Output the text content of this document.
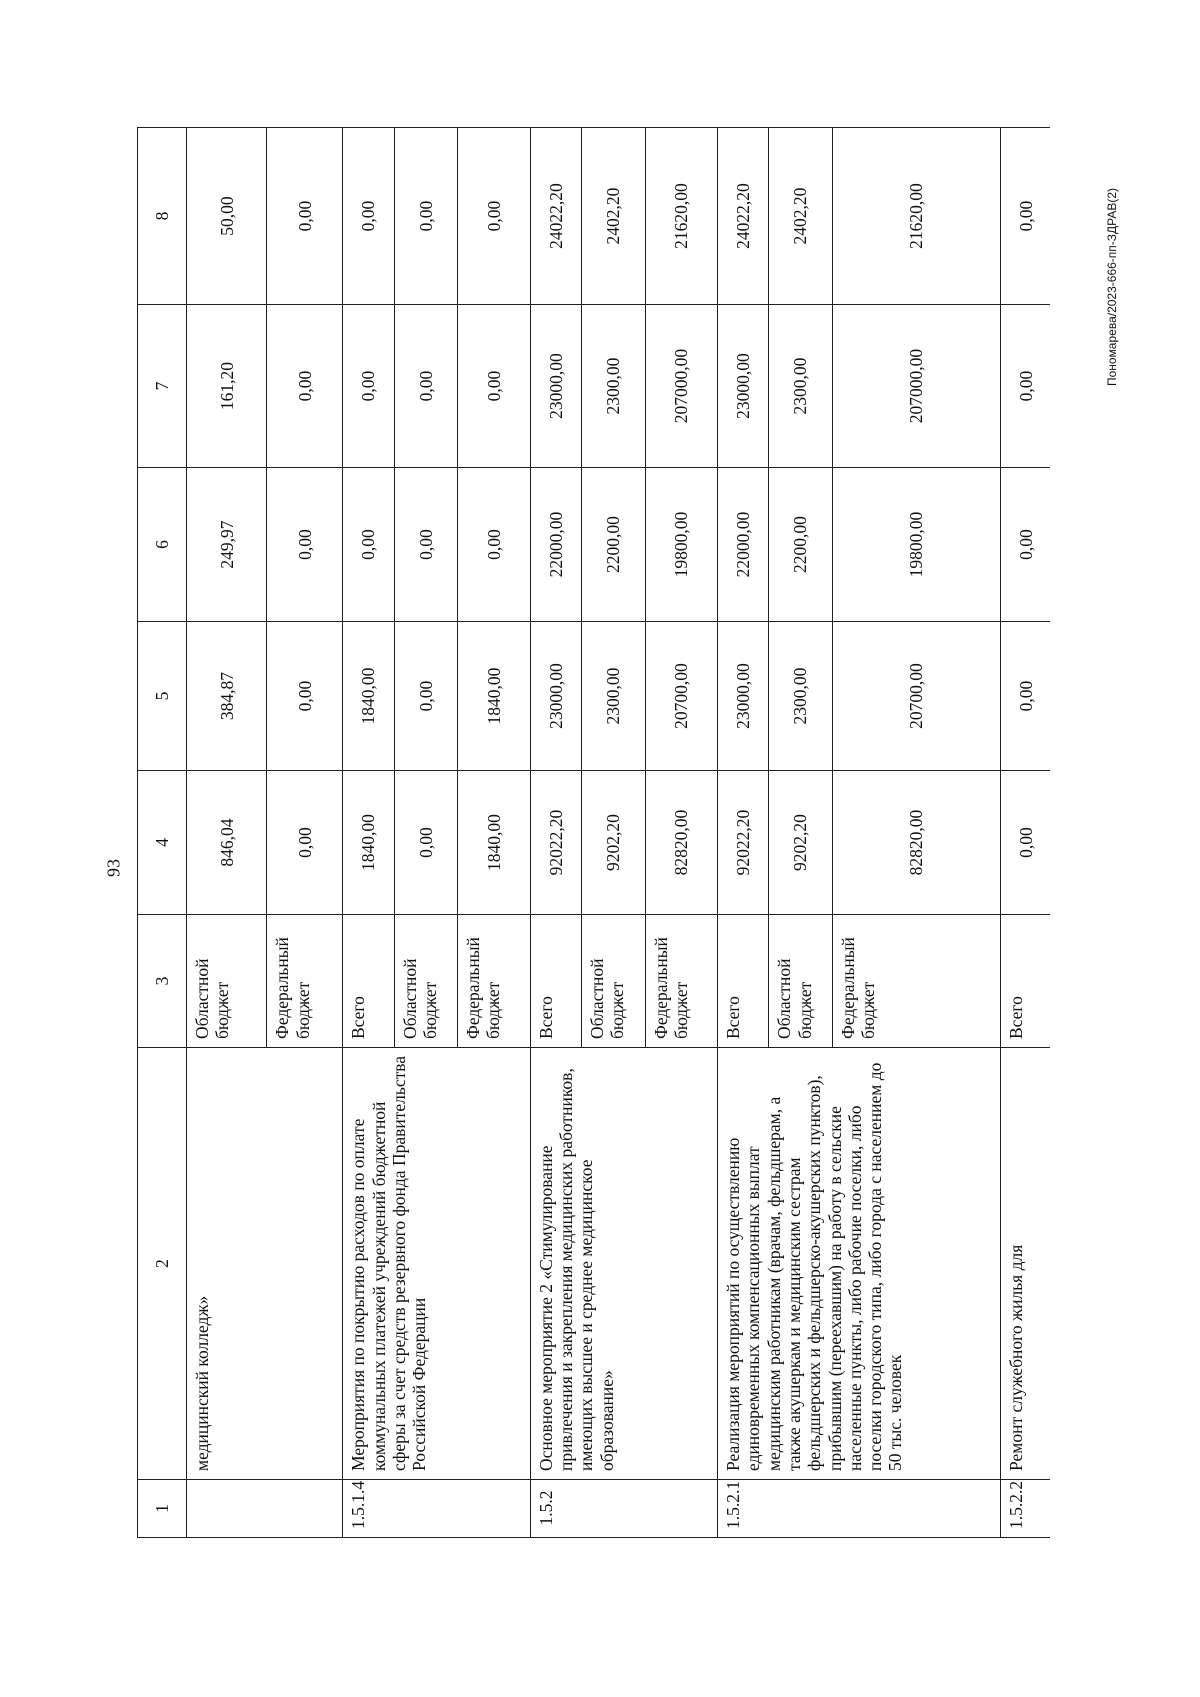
93
Пономарева/2023-666-пп-ЗДРАВ(2)
1	2	3	4	5	6	7	8
	медицинский колледж»	Областной бюджет	846,04	384,87	249,97	161,20	50,00
		Федеральный бюджет	0,00	0,00	0,00	0,00	0,00
1.5.1.4	Мероприятия по покрытию расходов по оплате коммунальных платежей учреждений бюджетной сферы за счет средств резервного фонда Правительства Российской Федерации	Всего	1840,00	1840,00	0,00	0,00	0,00
		Областной бюджет	0,00	0,00	0,00	0,00	0,00
		Федеральный бюджет	1840,00	1840,00	0,00	0,00	0,00
1.5.2	Основное мероприятие 2 «Стимулирование привлечения и закрепления медицинских работников, имеющих высшее и среднее медицинское образование»	Всего	92022,20	23000,00	22000,00	23000,00	24022,20
		Областной бюджет	9202,20	2300,00	2200,00	2300,00	2402,20
		Федеральный бюджет	82820,00	20700,00	19800,00	207000,00	21620,00
1.5.2.1	Реализация мероприятий по осуществлению единовременных компенсационных выплат медицинским работникам (врачам, фельдшерам, а также акушеркам и медицинским сестрам фельдшерских и фельдшерско-акушерских пунктов), прибывшим (переехавшим) на работу в сельские населенные пункты, либо рабочие поселки, либо поселки городского типа, либо города с населением до 50 тыс. человек	Всего	92022,20	23000,00	22000,00	23000,00	24022,20
		Областной бюджет	9202,20	2300,00	2200,00	2300,00	2402,20
		Федеральный бюджет	82820,00	20700,00	19800,00	207000,00	21620,00
1.5.2.2	Ремонт служебного жилья для	Всего	0,00	0,00	0,00	0,00	0,00
